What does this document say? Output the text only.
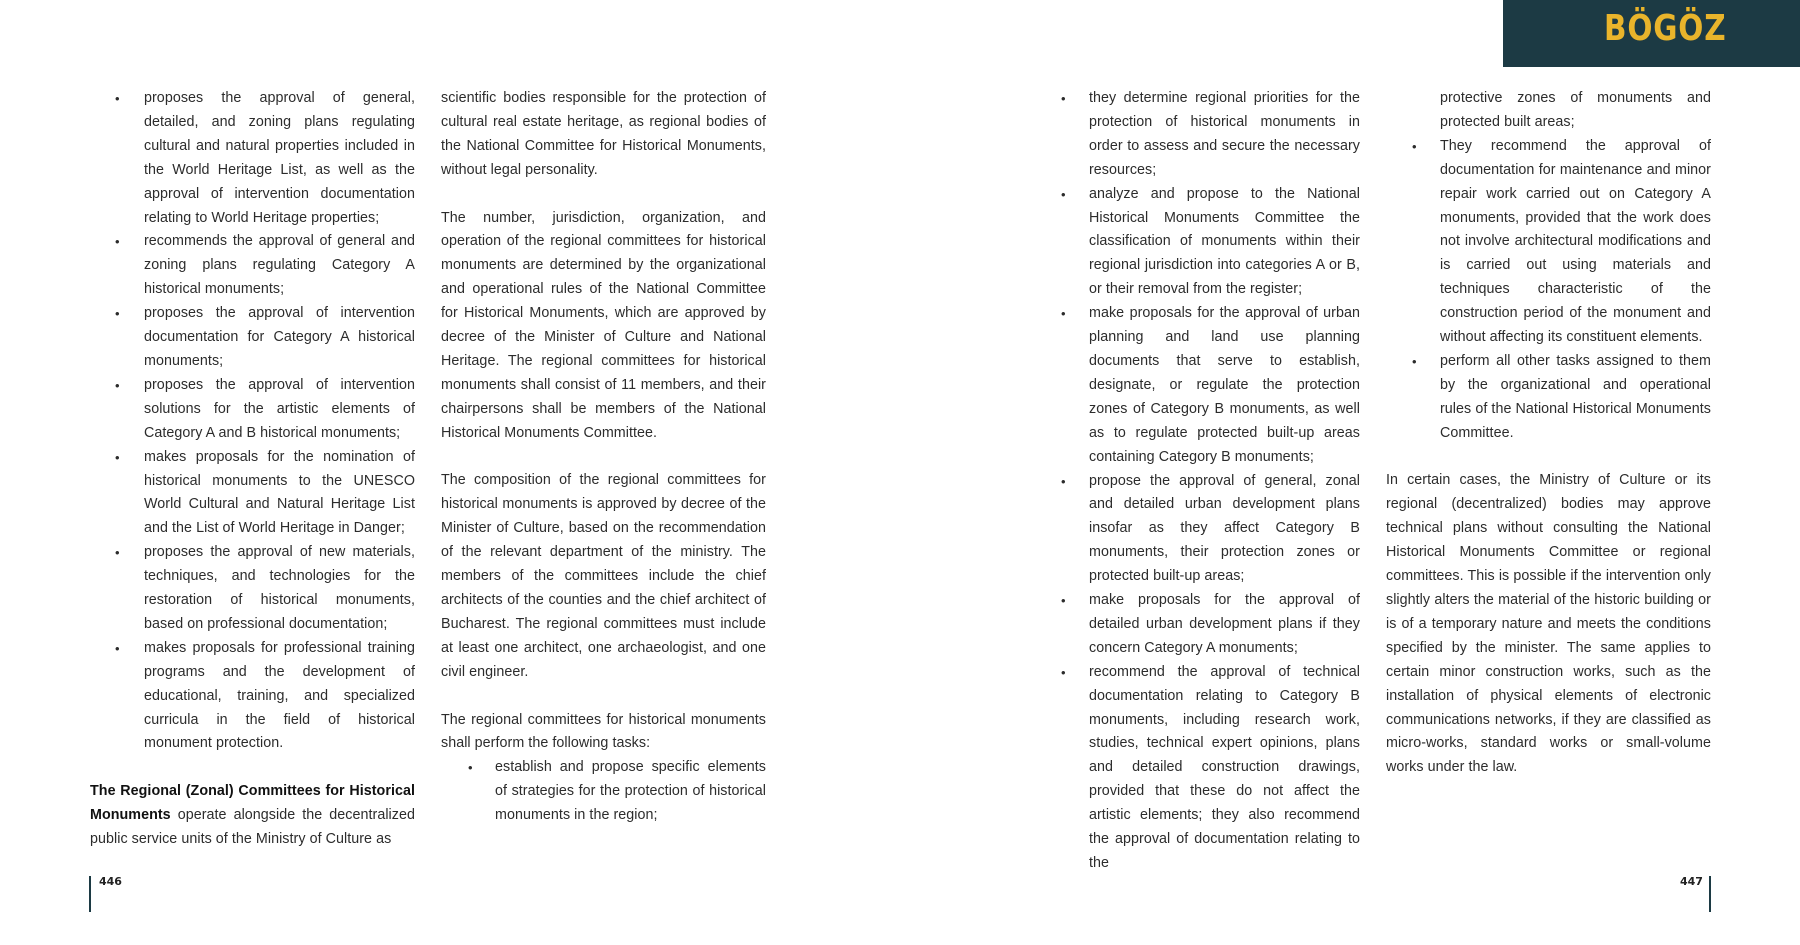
BÖGÖZ
• proposes the approval of general, detailed, and zoning plans regulating cultural and natural properties included in the World Heritage List, as well as the approval of intervention documentation relating to World Heritage properties;
• recommends the approval of general and zoning plans regulating Category A historical monuments;
• proposes the approval of intervention documentation for Category A historical monuments;
• proposes the approval of intervention solutions for the artistic elements of Category A and B historical monuments;
• makes proposals for the nomination of historical monuments to the UNESCO World Cultural and Natural Heritage List and the List of World Heritage in Danger;
• proposes the approval of new materials, techniques, and technologies for the restoration of historical monuments, based on professional documentation;
• makes proposals for professional training programs and the development of educational, training, and specialized curricula in the field of historical monument protection.

The Regional (Zonal) Committees for Historical Monuments operate alongside the decentralized public service units of the Ministry of Culture as

scientific bodies responsible for the protection of cultural real estate heritage, as regional bodies of the National Committee for Historical Monuments, without legal personality.

The number, jurisdiction, organization, and operation of the regional committees for historical monuments are determined by the organizational and operational rules of the National Committee for Historical Monuments, which are approved by decree of the Minister of Culture and National Heritage. The regional committees for historical monuments shall consist of 11 members, and their chairpersons shall be members of the National Historical Monuments Committee.

The composition of the regional committees for historical monuments is approved by decree of the Minister of Culture, based on the recommendation of the relevant department of the ministry. The members of the committees include the chief architects of the counties and the chief architect of Bucharest. The regional committees must include at least one architect, one archaeologist, and one civil engineer.

The regional committees for historical monuments shall perform the following tasks:

• establish and propose specific elements of strategies for the protection of historical monuments in the region;
• they determine regional priorities for the protection of historical monuments in order to assess and secure the necessary resources;
• analyze and propose to the National Historical Monuments Committee the classification of monuments within their regional jurisdiction into categories A or B, or their removal from the register;
• make proposals for the approval of urban planning and land use planning documents that serve to establish, designate, or regulate the protection zones of Category B monuments, as well as to regulate protected built-up areas containing Category B monuments;
• propose the approval of general, zonal and detailed urban development plans insofar as they affect Category B monuments, their protection zones or protected built-up areas;
• make proposals for the approval of detailed urban development plans if they concern Category A monuments;
• recommend the approval of technical documentation relating to Category B monuments, including research work, studies, technical expert opinions, plans and detailed construction drawings, provided that these do not affect the artistic elements; they also recommend the approval of documentation relating to the

protective zones of monuments and protected built areas;

• They recommend the approval of documentation for maintenance and minor repair work carried out on Category A monuments, provided that the work does not involve architectural modifications and is carried out using materials and techniques characteristic of the construction period of the monument and without affecting its constituent elements.
• perform all other tasks assigned to them by the organizational and operational rules of the National Historical Monuments Committee.

In certain cases, the Ministry of Culture or its regional (decentralized) bodies may approve technical plans without consulting the National Historical Monuments Committee or regional committees. This is possible if the intervention only slightly alters the material of the historic building or is of a temporary nature and meets the conditions specified by the minister. The same applies to certain minor construction works, such as the installation of physical elements of electronic communications networks, if they are classified as micro-works, standard works or small-volume works under the law.

446	447
